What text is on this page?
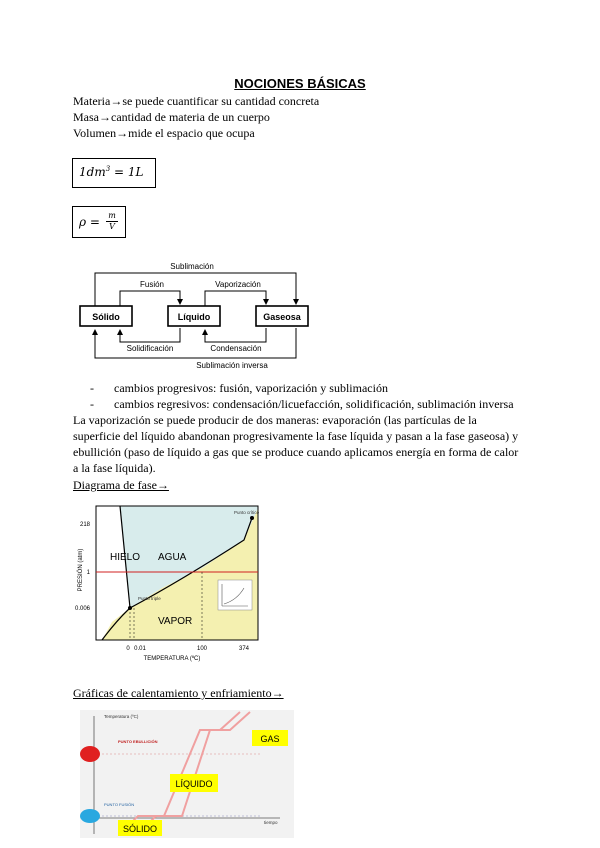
NOCIONES BÁSICAS
Materia→se puede cuantificar su cantidad concreta
Masa→cantidad de materia de un cuerpo
Volumen→mide el espacio que ocupa
$1dm^3 = 1L$
ρ = m
V
Sublimación
Fusión	Vaporización
Sólido	Líquido	Gaseosa
Solidificación	Condensación
Sublimación inversa
- cambios progresivos: fusión, vaporización y sublimación
- cambios regresivos: condensación/licuefacción, solidificación, sublimación inversa
La vaporización se puede producir de dos maneras: evaporación (las partículas de la
superficie del líquido abandonan progresivamente la fase líquida y pasan a la fase gaseosa) y
ebullición (paso de líquido a gas que se produce cuando aplicamos energía en forma de calor
a la fase líquida).
Diagrama de fase→
HIELO AGUA
VAPOR
Punto triple
Punto crítico
218
1
0.006
0 0.01	100	374
TEMPERATURA (ºC)
PRESIÓN (atm)
Gráficas de calentamiento y enfriamiento→
Temperatura (ºC)
tiempo
PUNTO EBULLICIÓN
PUNTO FUSIÓN
GAS
LÍQUIDO
SÓLIDO
